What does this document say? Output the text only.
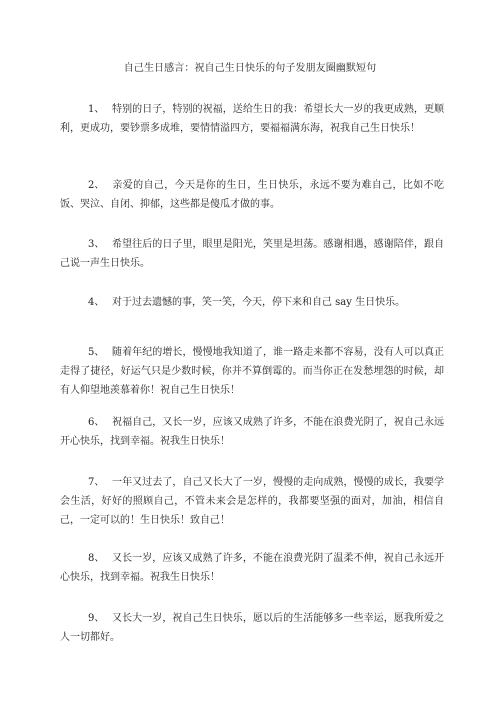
自己生日感言：祝自己生日快乐的句子发朋友圈幽默短句

1、 特别的日子，特别的祝福，送给生日的我：希望长大一岁的我更成熟，更顺利，更成功，要钞票多成堆，要情情溢四方，要福福满东海，祝我自己生日快乐！

2、 亲爱的自己，今天是你的生日，生日快乐，永远不要为难自己，比如不吃饭、哭泣、自闭、抑郁，这些都是傻瓜才做的事。

3、 希望往后的日子里，眼里是阳光，笑里是坦荡。感谢相遇，感谢陪伴，跟自己说一声生日快乐。

4、 对于过去遗憾的事，笑一笑，今天，停下来和自己 say 生日快乐。

5、 随着年纪的增长，慢慢地我知道了，谁一路走来都不容易，没有人可以真正走得了捷径，好运气只是少数时候，你并不算倒霉的。而当你正在发愁埋怨的时候，却有人仰望地羡慕着你！祝自己生日快乐！

6、 祝福自己，又长一岁，应该又成熟了许多，不能在浪费光阴了，祝自己永远开心快乐，找到幸福。祝我生日快乐！

7、 一年又过去了，自己又长大了一岁，慢慢的走向成熟，慢慢的成长，我要学会生活，好好的照顾自己，不管未来会是怎样的，我都要坚强的面对，加油，相信自己，一定可以的！生日快乐！致自己！

8、 又长一岁，应该又成熟了许多，不能在浪费光阴了温柔不伸，祝自己永远开心快乐，找到幸福。祝我生日快乐！

9、 又长大一岁，祝自己生日快乐，愿以后的生活能够多一些幸运，愿我所爱之人一切都好。
